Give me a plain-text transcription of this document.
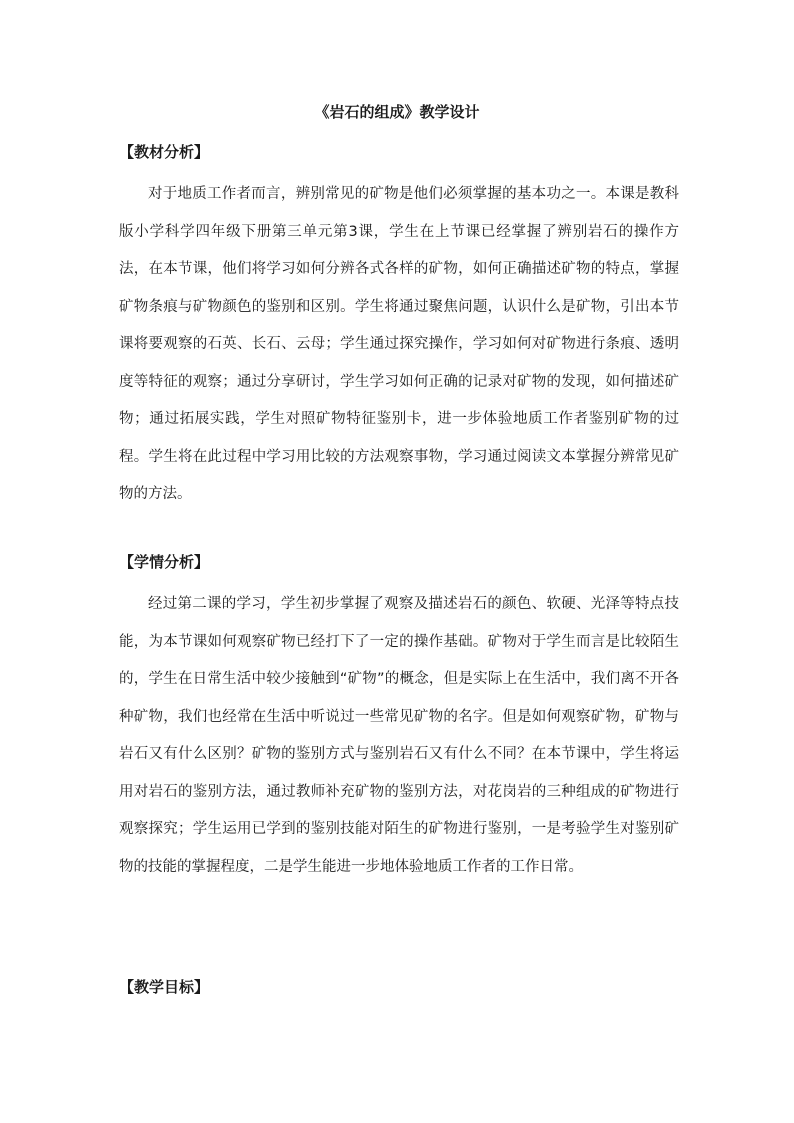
《岩石的组成》教学设计
【教材分析】

对于地质工作者而言，辨别常见的矿物是他们必须掌握的基本功之一。本课是教科版小学科学四年级下册第三单元第3课，学生在上节课已经掌握了辨别岩石的操作方法，在本节课，他们将学习如何分辨各式各样的矿物，如何正确描述矿物的特点，掌握矿物条痕与矿物颜色的鉴别和区别。学生将通过聚焦问题，认识什么是矿物，引出本节课将要观察的石英、长石、云母；学生通过探究操作，学习如何对矿物进行条痕、透明度等特征的观察；通过分享研讨，学生学习如何正确的记录对矿物的发现，如何描述矿物；通过拓展实践，学生对照矿物特征鉴别卡，进一步体验地质工作者鉴别矿物的过程。学生将在此过程中学习用比较的方法观察事物，学习通过阅读文本掌握分辨常见矿物的方法。

【学情分析】

经过第二课的学习，学生初步掌握了观察及描述岩石的颜色、软硬、光泽等特点技能，为本节课如何观察矿物已经打下了一定的操作基础。矿物对于学生而言是比较陌生的，学生在日常生活中较少接触到“矿物”的概念，但是实际上在生活中，我们离不开各种矿物，我们也经常在生活中听说过一些常见矿物的名字。但是如何观察矿物，矿物与岩石又有什么区别？矿物的鉴别方式与鉴别岩石又有什么不同？在本节课中，学生将运用对岩石的鉴别方法，通过教师补充矿物的鉴别方法，对花岗岩的三种组成的矿物进行观察探究；学生运用已学到的鉴别技能对陌生的矿物进行鉴别，一是考验学生对鉴别矿物的技能的掌握程度，二是学生能进一步地体验地质工作者的工作日常。

【教学目标】
